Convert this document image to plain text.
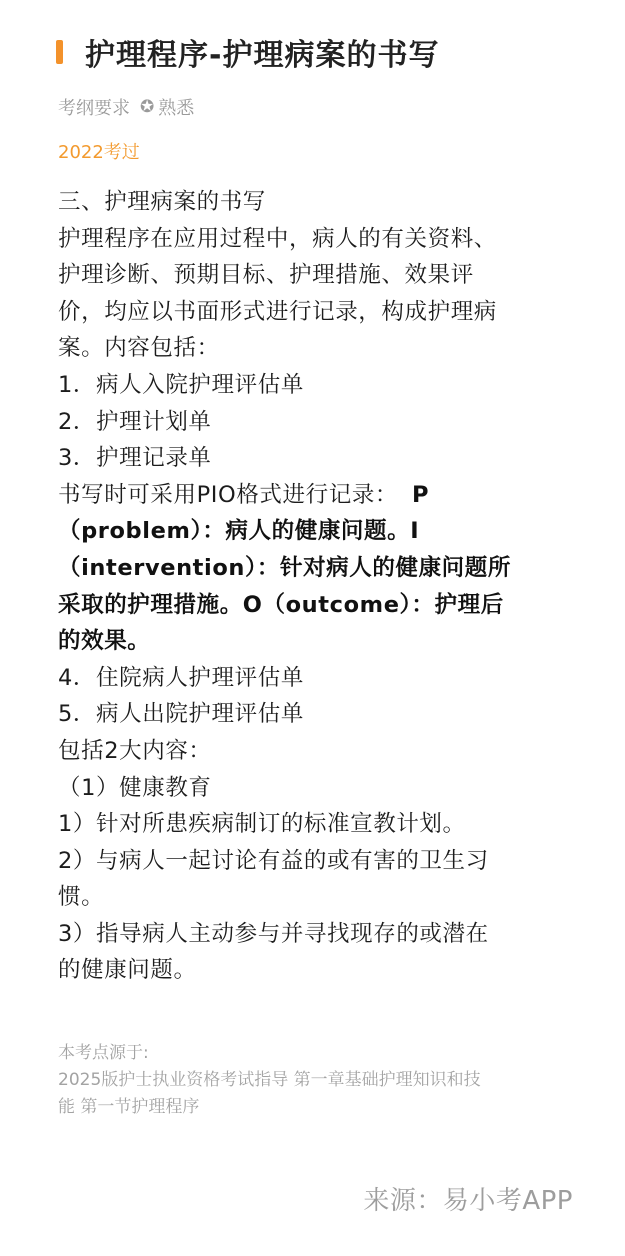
护理程序-护理病案的书写
考纲要求 ✪ 熟悉
2022考过
三、护理病案的书写
护理程序在应用过程中，病人的有关资料、
护理诊断、预期目标、护理措施、效果评
价，均应以书面形式进行记录，构成护理病
案。内容包括：
1．病人入院护理评估单
2．护理计划单
3．护理记录单
书写时可采用PIO格式进行记录： P
（problem）：病人的健康问题。I
（intervention）：针对病人的健康问题所
采取的护理措施。O（outcome）：护理后
的效果。
4．住院病人护理评估单
5．病人出院护理评估单
包括2大内容：
（1）健康教育
1）针对所患疾病制订的标准宣教计划。
2）与病人一起讨论有益的或有害的卫生习
惯。
3）指导病人主动参与并寻找现存的或潜在
的健康问题。
本考点源于:
2025版护士执业资格考试指导 第一章基础护理知识和技
能 第一节护理程序
来源：易小考APP
